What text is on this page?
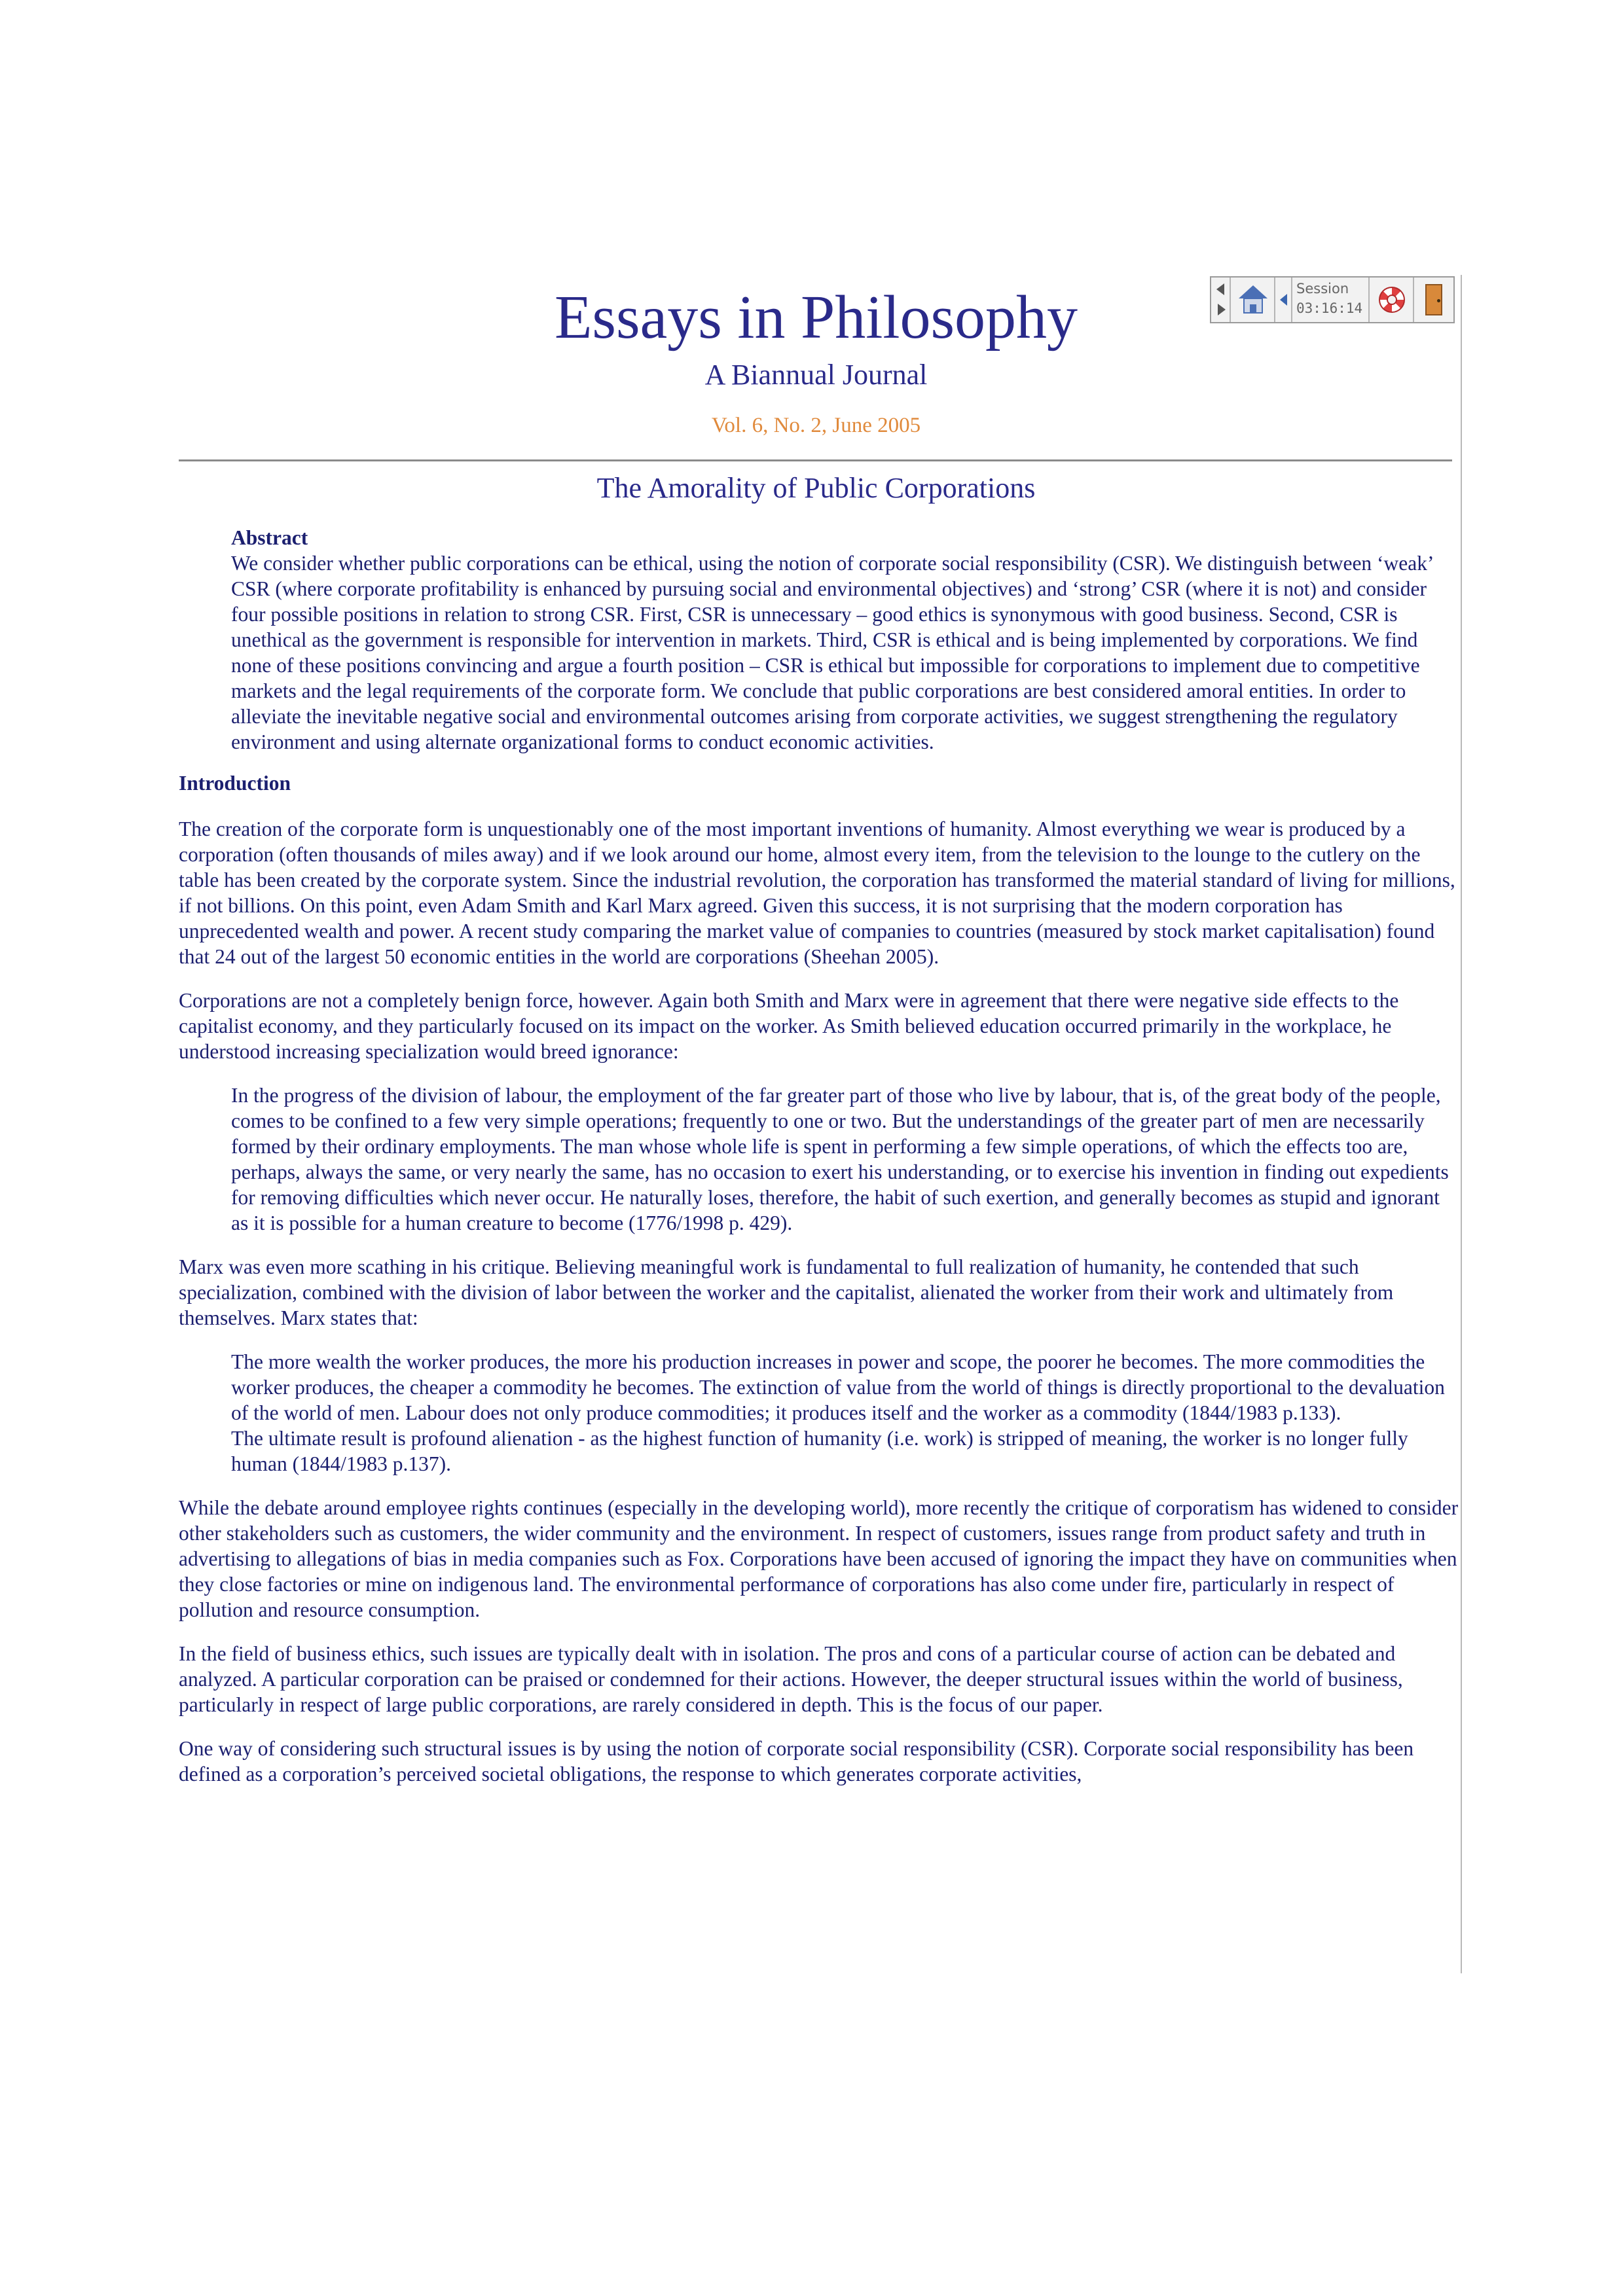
Essays in Philosophy
A Biannual Journal
Vol. 6, No. 2, June 2005
Session
03:16:14
The Amorality of Public Corporations

Abstract

We consider whether public corporations can be ethical, using the notion of corporate social responsibility (CSR). We distinguish between ‘weak’ CSR (where corporate profitability is enhanced by pursuing social and environmental objectives) and ‘strong’ CSR (where it is not) and consider four possible positions in relation to strong CSR. First, CSR is unnecessary – good ethics is synonymous with good business. Second, CSR is unethical as the government is responsible for intervention in markets. Third, CSR is ethical and is being implemented by corporations. We find none of these positions convincing and argue a fourth position – CSR is ethical but impossible for corporations to implement due to competitive markets and the legal requirements of the corporate form. We conclude that public corporations are best considered amoral entities. In order to alleviate the inevitable negative social and environmental outcomes arising from corporate activities, we suggest strengthening the regulatory environment and using alternate organizational forms to conduct economic activities.

Introduction

The creation of the corporate form is unquestionably one of the most important inventions of humanity. Almost everything we wear is produced by a corporation (often thousands of miles away) and if we look around our home, almost every item, from the television to the lounge to the cutlery on the table has been created by the corporate system. Since the industrial revolution, the corporation has transformed the material standard of living for millions, if not billions. On this point, even Adam Smith and Karl Marx agreed. Given this success, it is not surprising that the modern corporation has unprecedented wealth and power. A recent study comparing the market value of companies to countries (measured by stock market capitalisation) found that 24 out of the largest 50 economic entities in the world are corporations (Sheehan 2005).

Corporations are not a completely benign force, however. Again both Smith and Marx were in agreement that there were negative side effects to the capitalist economy, and they particularly focused on its impact on the worker. As Smith believed education occurred primarily in the workplace, he understood increasing specialization would breed ignorance:

In the progress of the division of labour, the employment of the far greater part of those who live by labour, that is, of the great body of the people, comes to be confined to a few very simple operations; frequently to one or two. But the understandings of the greater part of men are necessarily formed by their ordinary employments. The man whose whole life is spent in performing a few simple operations, of which the effects too are, perhaps, always the same, or very nearly the same, has no occasion to exert his understanding, or to exercise his invention in finding out expedients for removing difficulties which never occur. He naturally loses, therefore, the habit of such exertion, and generally becomes as stupid and ignorant as it is possible for a human creature to become (1776/1998 p. 429).

Marx was even more scathing in his critique. Believing meaningful work is fundamental to full realization of humanity, he contended that such specialization, combined with the division of labor between the worker and the capitalist, alienated the worker from their work and ultimately from themselves. Marx states that:

The more wealth the worker produces, the more his production increases in power and scope, the poorer he becomes. The more commodities the worker produces, the cheaper a commodity he becomes. The extinction of value from the world of things is directly proportional to the devaluation of the world of men. Labour does not only produce commodities; it produces itself and the worker as a commodity (1844/1983 p.133).

The ultimate result is profound alienation - as the highest function of humanity (i.e. work) is stripped of meaning, the worker is no longer fully human (1844/1983 p.137).

While the debate around employee rights continues (especially in the developing world), more recently the critique of corporatism has widened to consider other stakeholders such as customers, the wider community and the environment. In respect of customers, issues range from product safety and truth in advertising to allegations of bias in media companies such as Fox. Corporations have been accused of ignoring the impact they have on communities when they close factories or mine on indigenous land. The environmental performance of corporations has also come under fire, particularly in respect of pollution and resource consumption.

In the field of business ethics, such issues are typically dealt with in isolation. The pros and cons of a particular course of action can be debated and analyzed. A particular corporation can be praised or condemned for their actions. However, the deeper structural issues within the world of business, particularly in respect of large public corporations, are rarely considered in depth. This is the focus of our paper.

One way of considering such structural issues is by using the notion of corporate social responsibility (CSR). Corporate social responsibility has been defined as a corporation’s perceived societal obligations, the response to which generates corporate activities,
